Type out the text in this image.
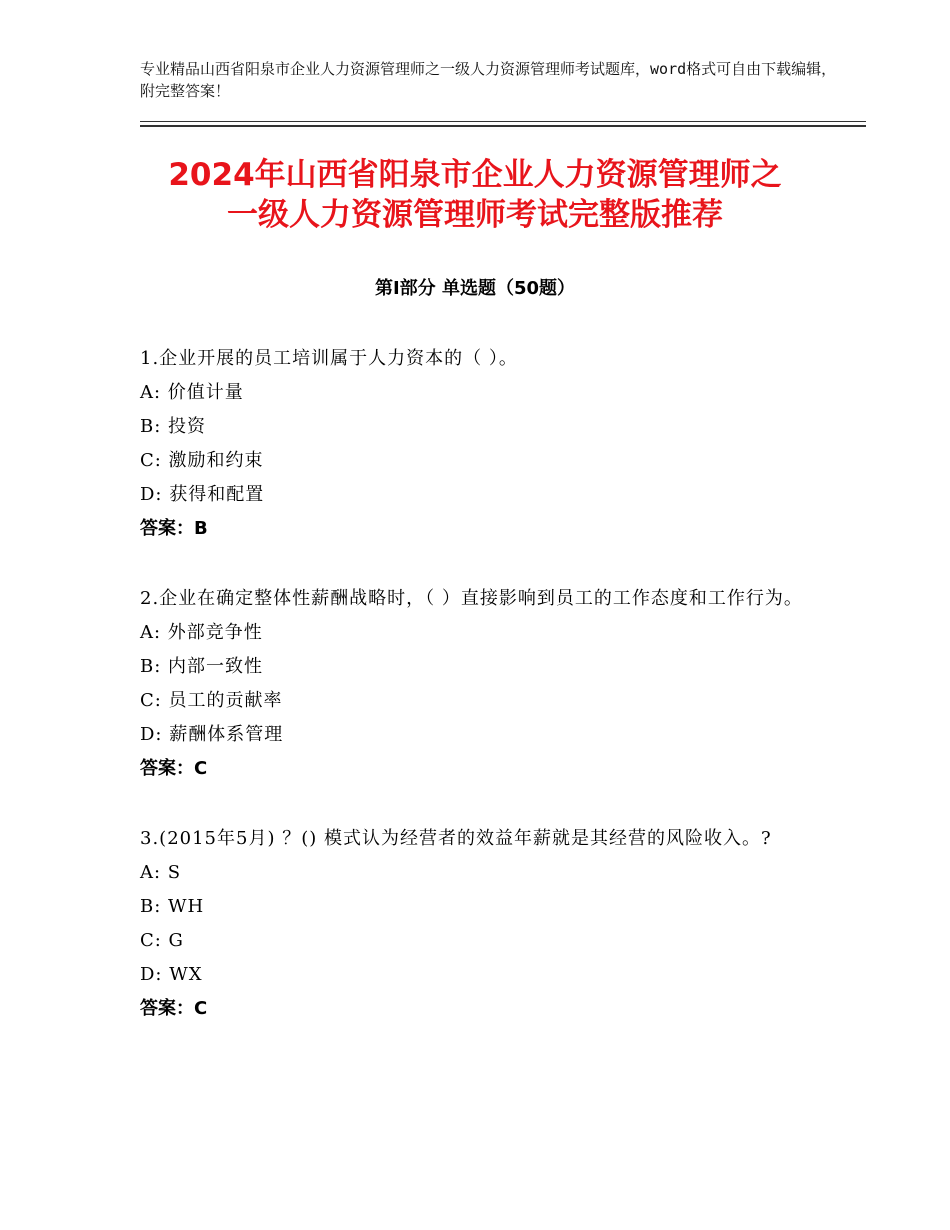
专业精品山西省阳泉市企业人力资源管理师之一级人力资源管理师考试题库，word格式可自由下载编辑，附完整答案！
2024年山西省阳泉市企业人力资源管理师之
一级人力资源管理师考试完整版推荐
第Ⅰ部分 单选题（50题）
1.企业开展的员工培训属于人力资本的（ ）。
A: 价值计量
B: 投资
C: 激励和约束
D: 获得和配置
答案：B
2.企业在确定整体性薪酬战略时，（ ）直接影响到员工的工作态度和工作行为。
A: 外部竞争性
B: 内部一致性
C: 员工的贡献率
D: 薪酬体系管理
答案：C
3.(2015年5月) ？() 模式认为经营者的效益年薪就是其经营的风险收入。?
A: S
B: WH
C: G
D: WX
答案：C
